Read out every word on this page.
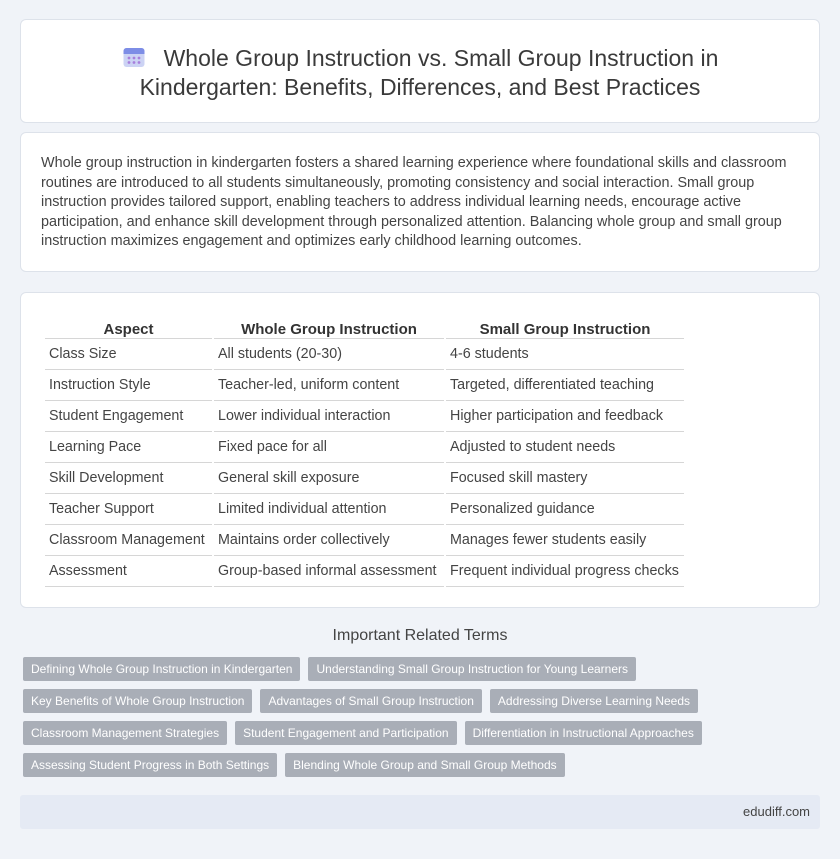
Whole Group Instruction vs. Small Group Instruction in
Kindergarten: Benefits, Differences, and Best Practices

Whole group instruction in kindergarten fosters a shared learning experience where foundational skills and classroom routines are introduced to all students simultaneously, promoting consistency and social interaction. Small group instruction provides tailored support, enabling teachers to address individual learning needs, encourage active participation, and enhance skill development through personalized attention. Balancing whole group and small group instruction maximizes engagement and optimizes early childhood learning outcomes.

Aspect	Whole Group Instruction	Small Group Instruction
Class Size	All students (20-30)	4-6 students
Instruction Style	Teacher-led, uniform content	Targeted, differentiated teaching
Student Engagement	Lower individual interaction	Higher participation and feedback
Learning Pace	Fixed pace for all	Adjusted to student needs
Skill Development	General skill exposure	Focused skill mastery
Teacher Support	Limited individual attention	Personalized guidance
Classroom Management	Maintains order collectively	Manages fewer students easily
Assessment	Group-based informal assessment	Frequent individual progress checks
Important Related Terms
Defining Whole Group Instruction in Kindergarten	Understanding Small Group Instruction for Young Learners
Key Benefits of Whole Group Instruction	Advantages of Small Group Instruction	Addressing Diverse Learning Needs
Classroom Management Strategies	Student Engagement and Participation	Differentiation in Instructional Approaches
Assessing Student Progress in Both Settings	Blending Whole Group and Small Group Methods
edudiff.com
